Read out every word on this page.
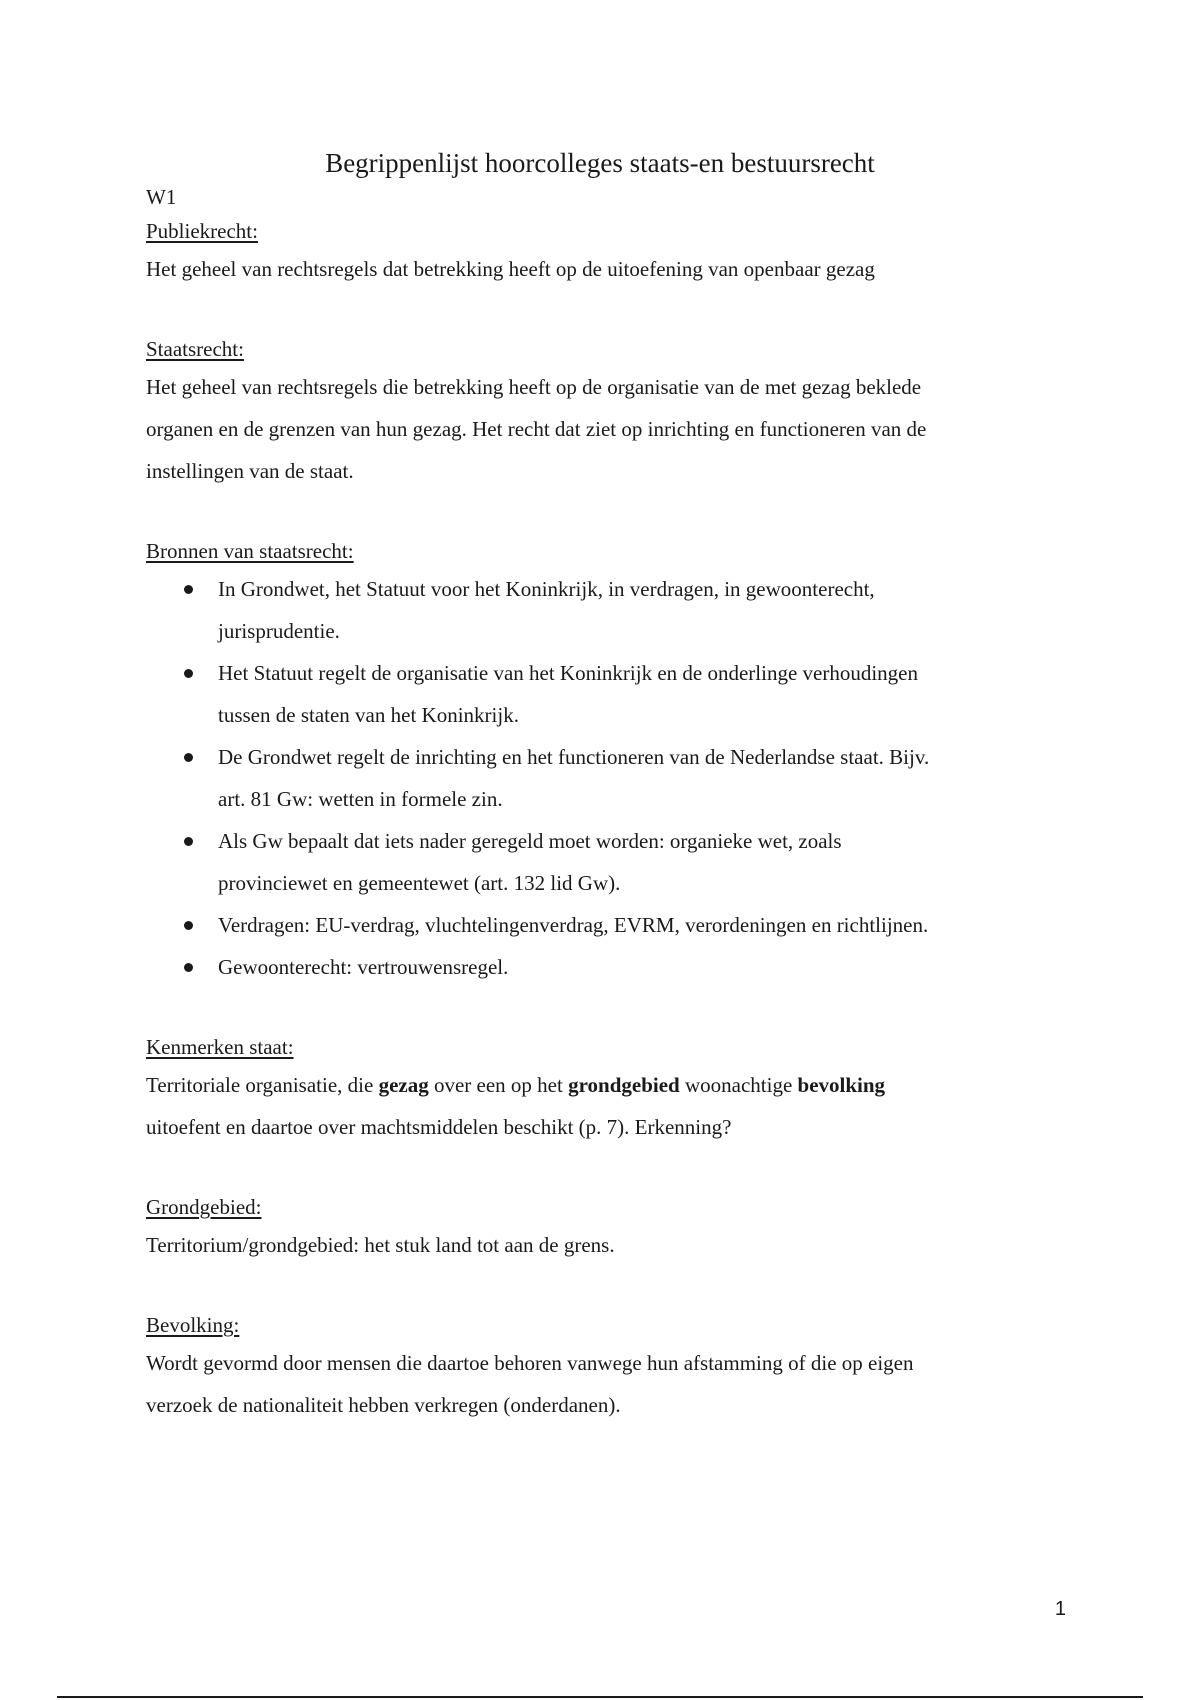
Begrippenlijst hoorcolleges staats-en bestuursrecht

W1

Publiekrecht:

Het geheel van rechtsregels dat betrekking heeft op de uitoefening van openbaar gezag

Staatsrecht:

Het geheel van rechtsregels die betrekking heeft op de organisatie van de met gezag beklede

organen en de grenzen van hun gezag. Het recht dat ziet op inrichting en functioneren van de

instellingen van de staat.

Bronnen van staatsrecht:

In Grondwet, het Statuut voor het Koninkrijk, in verdragen, in gewoonterecht,
jurisprudentie.
Het Statuut regelt de organisatie van het Koninkrijk en de onderlinge verhoudingen
tussen de staten van het Koninkrijk.
De Grondwet regelt de inrichting en het functioneren van de Nederlandse staat. Bijv.
art. 81 Gw: wetten in formele zin.
Als Gw bepaalt dat iets nader geregeld moet worden: organieke wet, zoals
provinciewet en gemeentewet (art. 132 lid Gw).
Verdragen: EU-verdrag, vluchtelingenverdrag, EVRM, verordeningen en richtlijnen.
Gewoonterecht: vertrouwensregel.

Kenmerken staat:

Territoriale organisatie, die gezag over een op het grondgebied woonachtige bevolking

uitoefent en daartoe over machtsmiddelen beschikt (p. 7). Erkenning?

Grondgebied:

Territorium/grondgebied: het stuk land tot aan de grens.

Bevolking:

Wordt gevormd door mensen die daartoe behoren vanwege hun afstamming of die op eigen

verzoek de nationaliteit hebben verkregen (onderdanen).

1
